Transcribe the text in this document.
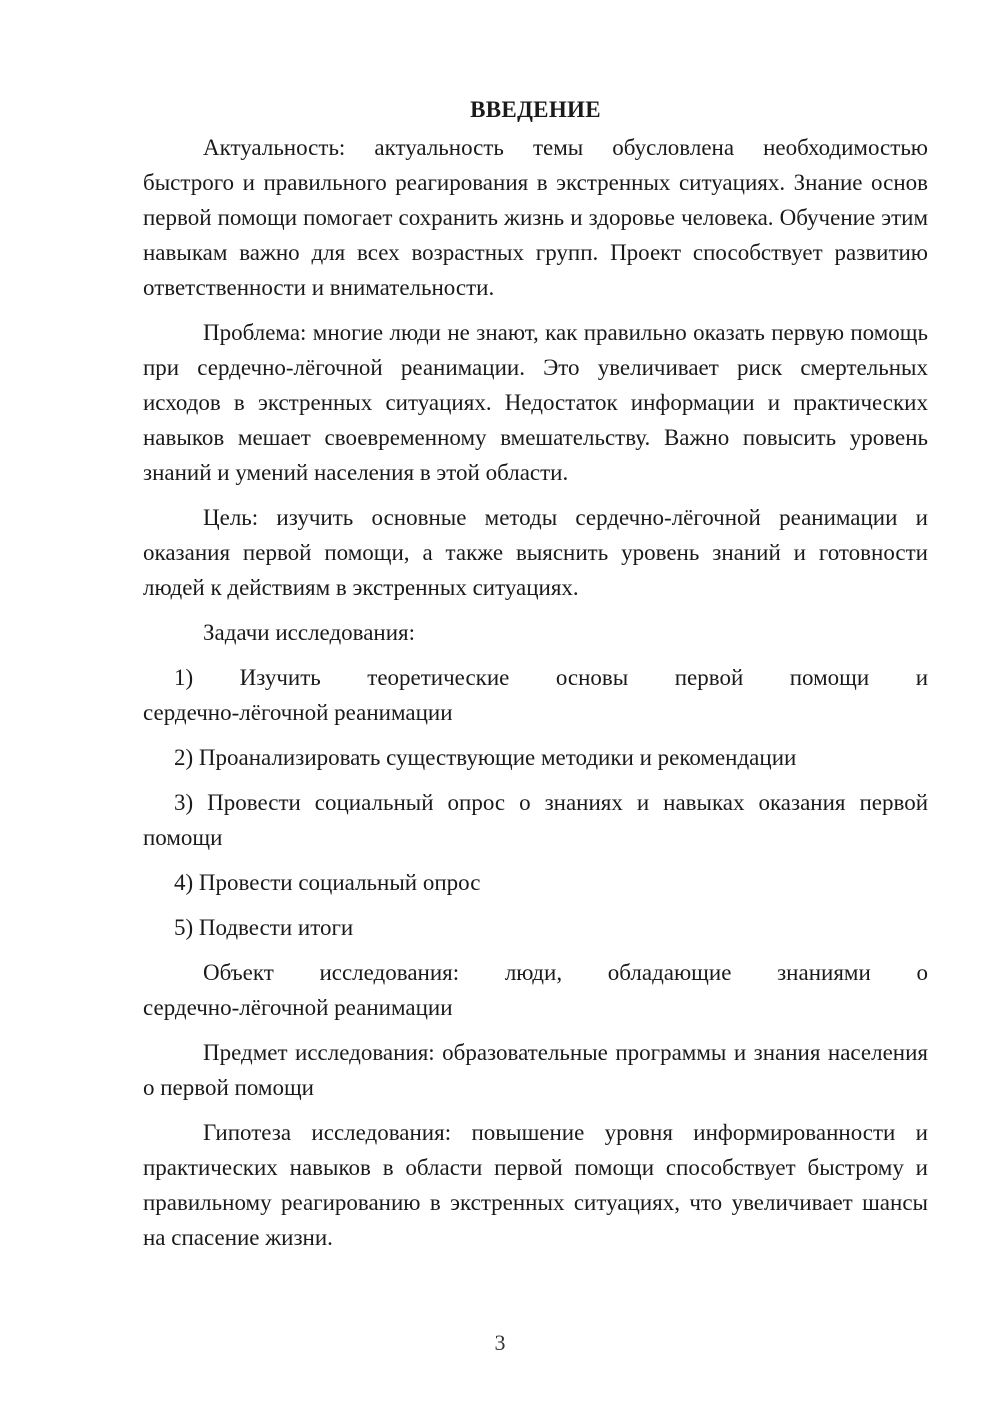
ВВЕДЕНИЕ

Актуальность: актуальность темы обусловлена необходимостью быстрого и правильного реагирования в экстренных ситуациях. Знание основ первой помощи помогает сохранить жизнь и здоровье человека. Обучение этим навыкам важно для всех возрастных групп. Проект способствует развитию ответственности и внимательности.

Проблема: многие люди не знают, как правильно оказать первую помощь при сердечно-лёгочной реанимации. Это увеличивает риск смертельных исходов в экстренных ситуациях. Недостаток информации и практических навыков мешает своевременному вмешательству. Важно повысить уровень знаний и умений населения в этой области.

Цель: изучить основные методы сердечно-лёгочной реанимации и оказания первой помощи, а также выяснить уровень знаний и готовности людей к действиям в экстренных ситуациях.

Задачи исследования:

1) Изучить теоретические основы первой помощи и
сердечно-лёгочной реанимации

2) Проанализировать существующие методики и рекомендации

3) Провести социальный опрос о знаниях и навыках оказания первой помощи

4) Провести социальный опрос

5) Подвести итоги

Объект исследования: люди, обладающие знаниями о
сердечно-лёгочной реанимации

Предмет исследования: образовательные программы и знания населения о первой помощи

Гипотеза исследования: повышение уровня информированности и практических навыков в области первой помощи способствует быстрому и правильному реагированию в экстренных ситуациях, что увеличивает шансы на спасение жизни.

3
